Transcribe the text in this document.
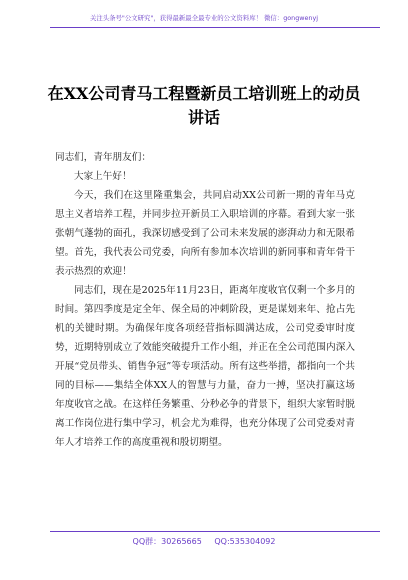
关注头条号"公文研究"，获得最新最全最专业的公文资料库！ 微信：gongwenyj
在XX公司青马工程暨新员工培训班上的动员讲话

同志们，青年朋友们：

大家上午好！

今天，我们在这里隆重集会，共同启动XX公司新一期的青年马克思主义者培养工程，并同步拉开新员工入职培训的序幕。看到大家一张张朝气蓬勃的面孔，我深切感受到了公司未来发展的澎湃动力和无限希望。首先，我代表公司党委，向所有参加本次培训的新同事和青年骨干表示热烈的欢迎！

同志们，现在是2025年11月23日，距离年度收官仅剩一个多月的时间。第四季度是定全年、保全局的冲刺阶段，更是谋划来年、抢占先机的关键时期。为确保年度各项经营指标圆满达成，公司党委审时度势，近期特别成立了效能突破提升工作小组，并正在全公司范围内深入开展“党员带头、销售争冠”等专项活动。所有这些举措，都指向一个共同的目标——集结全体XX人的智慧与力量，奋力一搏，坚决打赢这场年度收官之战。在这样任务繁重、分秒必争的背景下，组织大家暂时脱离工作岗位进行集中学习，机会尤为难得，也充分体现了公司党委对青年人才培养工作的高度重视和殷切期望。

QQ群：30265665 QQ:535304092
